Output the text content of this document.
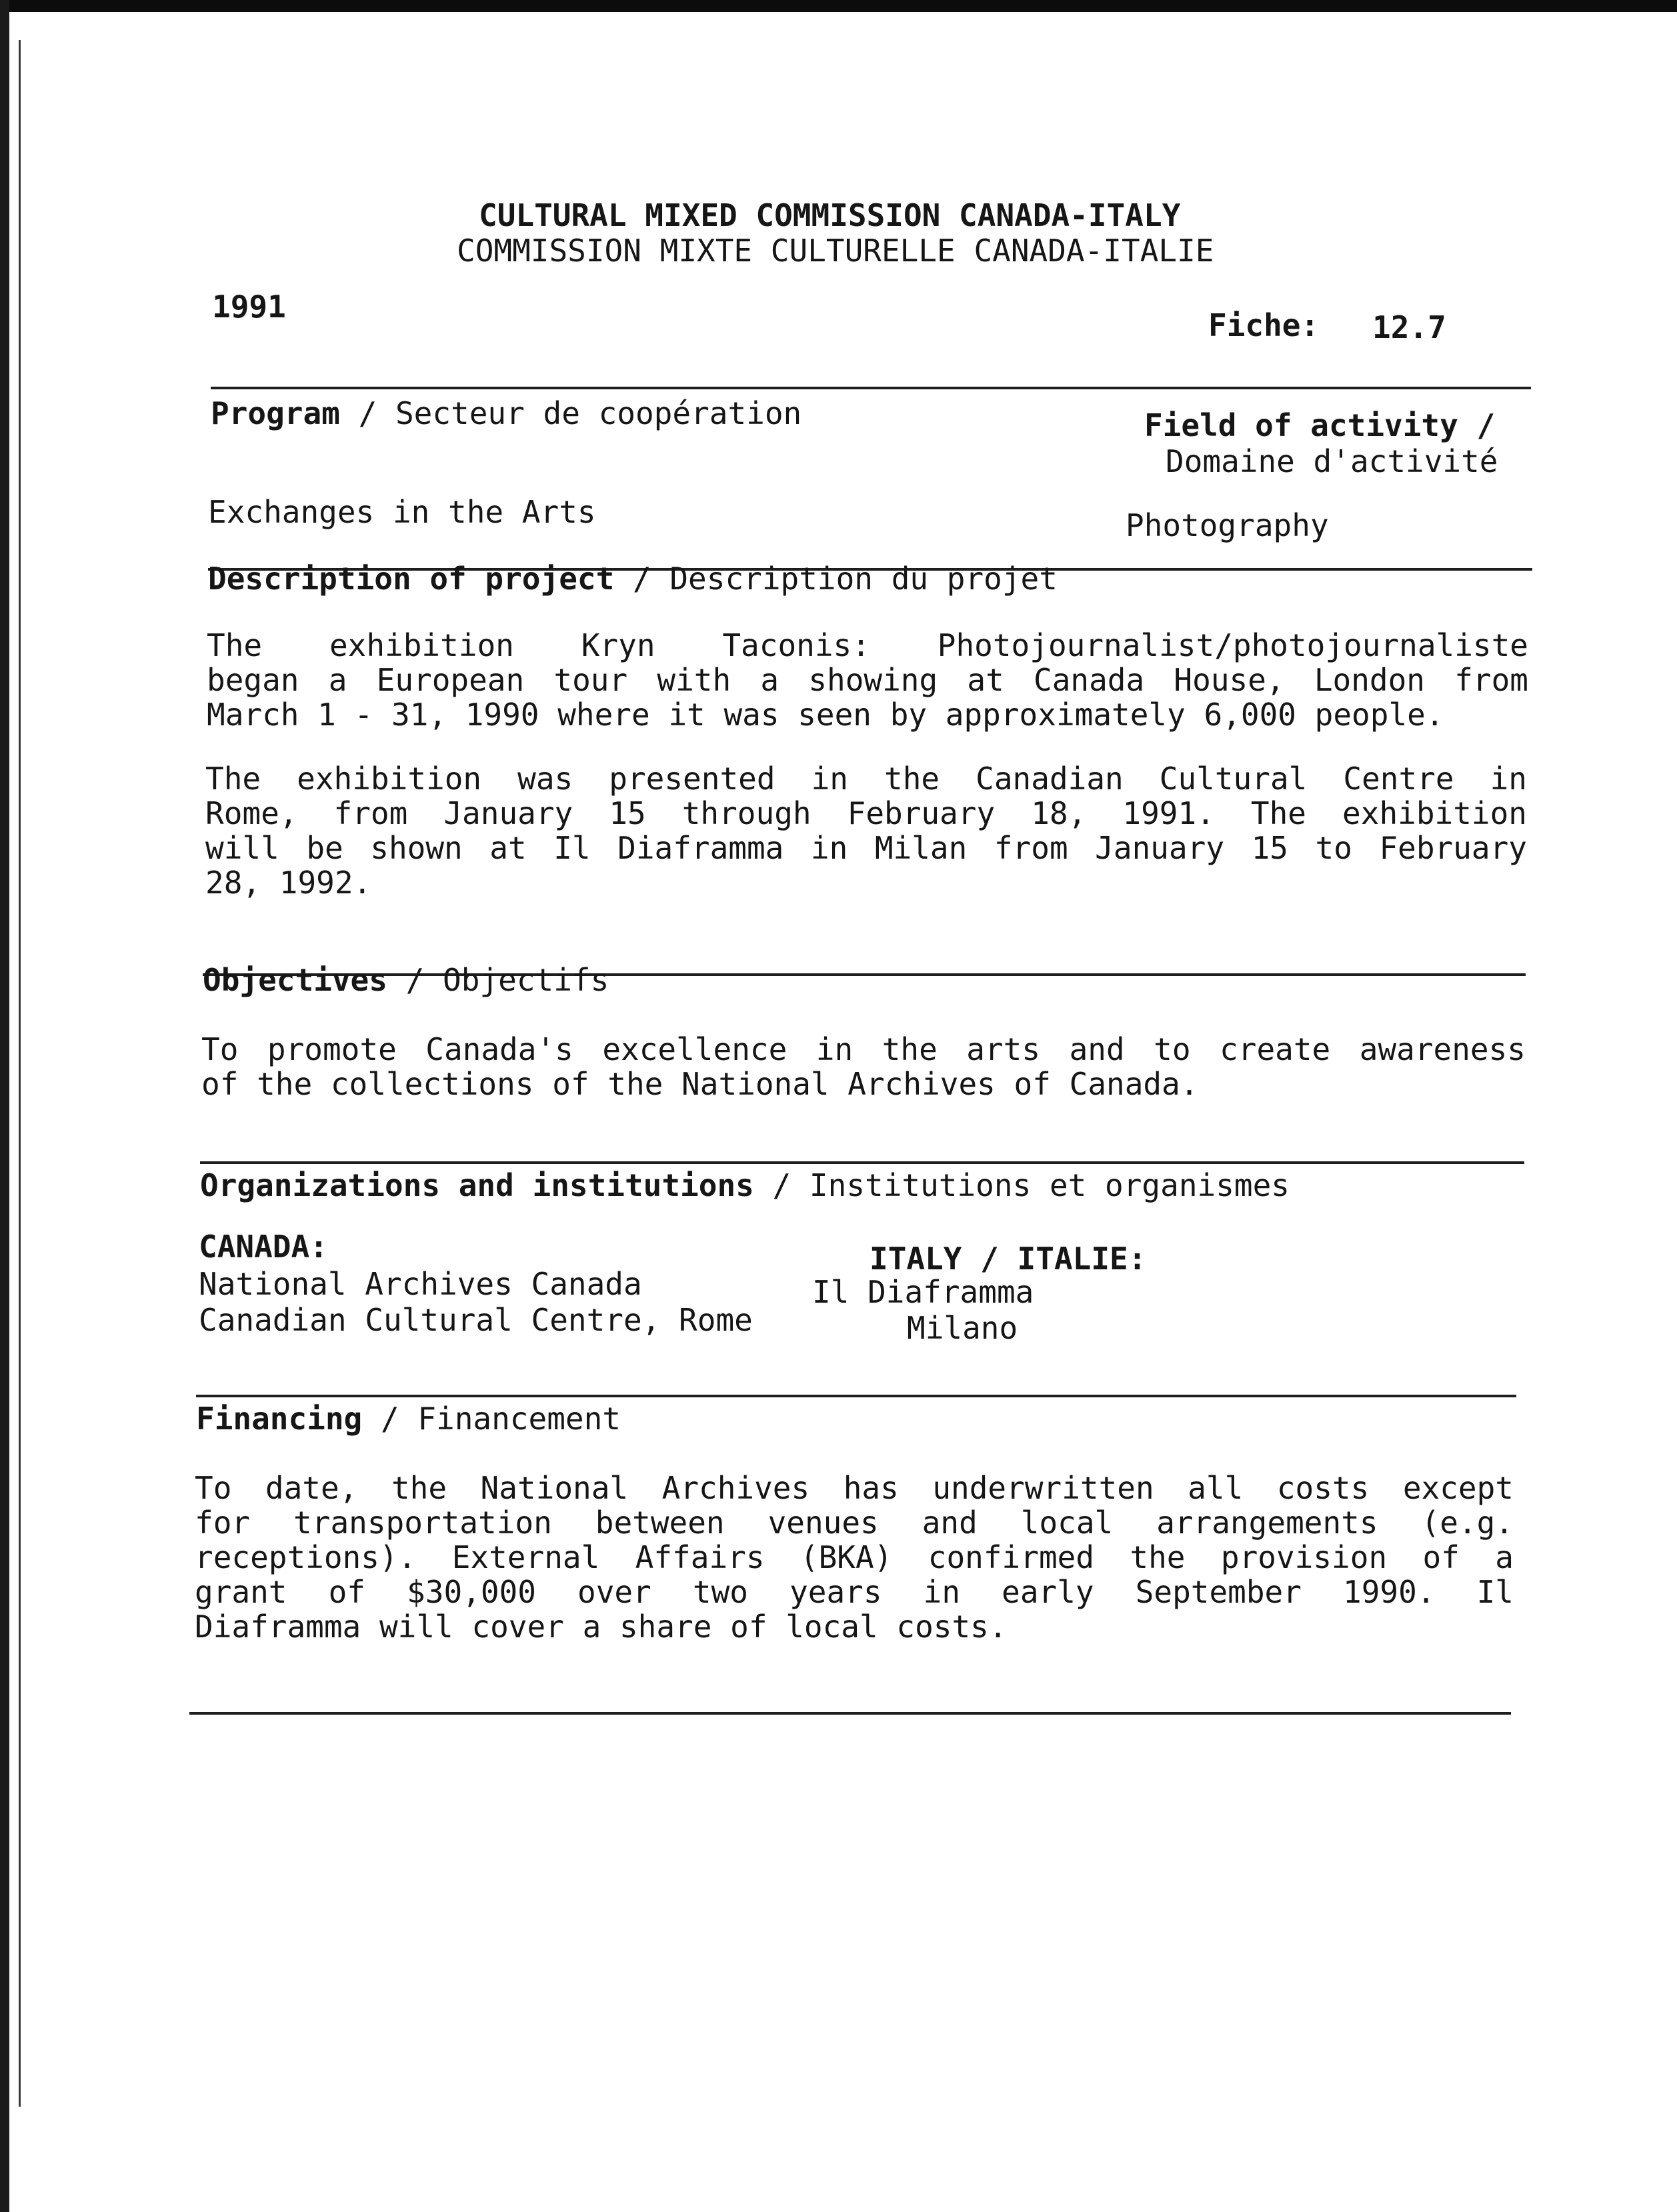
CULTURAL MIXED COMMISSION CANADA-ITALY

COMMISSION MIXTE CULTURELLE CANADA-ITALIE

1991

Fiche: 12.7

Program / Secteur de coopération	Field of activity /

Domaine d'activité

Exchanges in the Arts	Photography

Description of project / Description du projet

The exhibition Kryn Taconis: Photojournalist/photojournaliste
began a European tour with a showing at Canada House, London from
March 1 - 31, 1990 where it was seen by approximately 6,000 people.
The exhibition was presented in the Canadian Cultural Centre in
Rome, from January 15 through February 18, 1991. The exhibition
will be shown at Il Diaframma in Milan from January 15 to February
28, 1992.

Objectives / Objectifs

To promote Canada's excellence in the arts and to create awareness
of the collections of the National Archives of Canada.

Organizations and institutions / Institutions et organismes

CANADA:	ITALY / ITALIE:

National Archives Canada	Il Diaframma

Canadian Cultural Centre, Rome	Milano

Financing / Financement

To date, the National Archives has underwritten all costs except
for transportation between venues and local arrangements (e.g.
receptions). External Affairs (BKA) confirmed the provision of a
grant of $30,000 over two years in early September 1990. Il
Diaframma will cover a share of local costs.
